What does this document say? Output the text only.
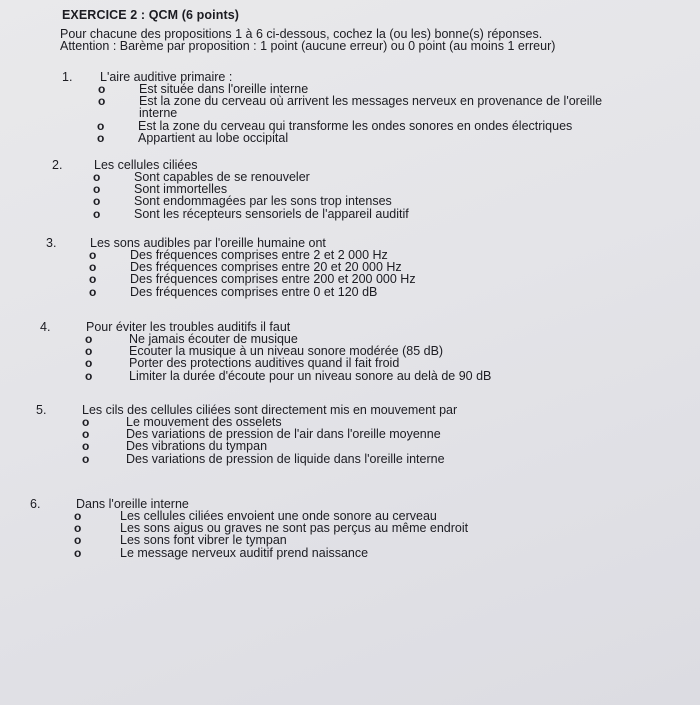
EXERCICE 2 : QCM (6 points)
Pour chacune des propositions 1 à 6 ci-dessous, cochez la (ou les) bonne(s) réponses.
Attention : Barème par proposition : 1 point (aucune erreur) ou 0 point (au moins 1 erreur)
1. L'aire auditive primaire :
o	Est située dans l'oreille interne
o	Est la zone du cerveau où arrivent les messages nerveux en provenance de l'oreille interne
o	Est la zone du cerveau qui transforme les ondes sonores en ondes électriques
o	Appartient au lobe occipital
2.	Les cellules ciliées
o	Sont capables de se renouveler
o	Sont immortelles
o	Sont endommagées par les sons trop intenses
o	Sont les récepteurs sensoriels de l'appareil auditif
3.	Les sons audibles par l'oreille humaine ont
o	Des fréquences comprises entre 2 et 2 000 Hz
o	Des fréquences comprises entre 20 et 20 000 Hz
o	Des fréquences comprises entre 200 et 200 000 Hz
o	Des fréquences comprises entre 0 et 120 dB
4.	Pour éviter les troubles auditifs il faut
o	Ne jamais écouter de musique
o	Ecouter la musique à un niveau sonore modérée (85 dB)
o	Porter des protections auditives quand il fait froid
o	Limiter la durée d'écoute pour un niveau sonore au delà de 90 dB
5.	Les cils des cellules ciliées sont directement mis en mouvement par
o	Le mouvement des osselets
o	Des variations de pression de l'air dans l'oreille moyenne
o	Des vibrations du tympan
o	Des variations de pression de liquide dans l'oreille interne
6.	Dans l'oreille interne
o	Les cellules ciliées envoient une onde sonore au cerveau
o	Les sons aigus ou graves ne sont pas perçus au même endroit
o	Les sons font vibrer le tympan
o	Le message nerveux auditif prend naissance
